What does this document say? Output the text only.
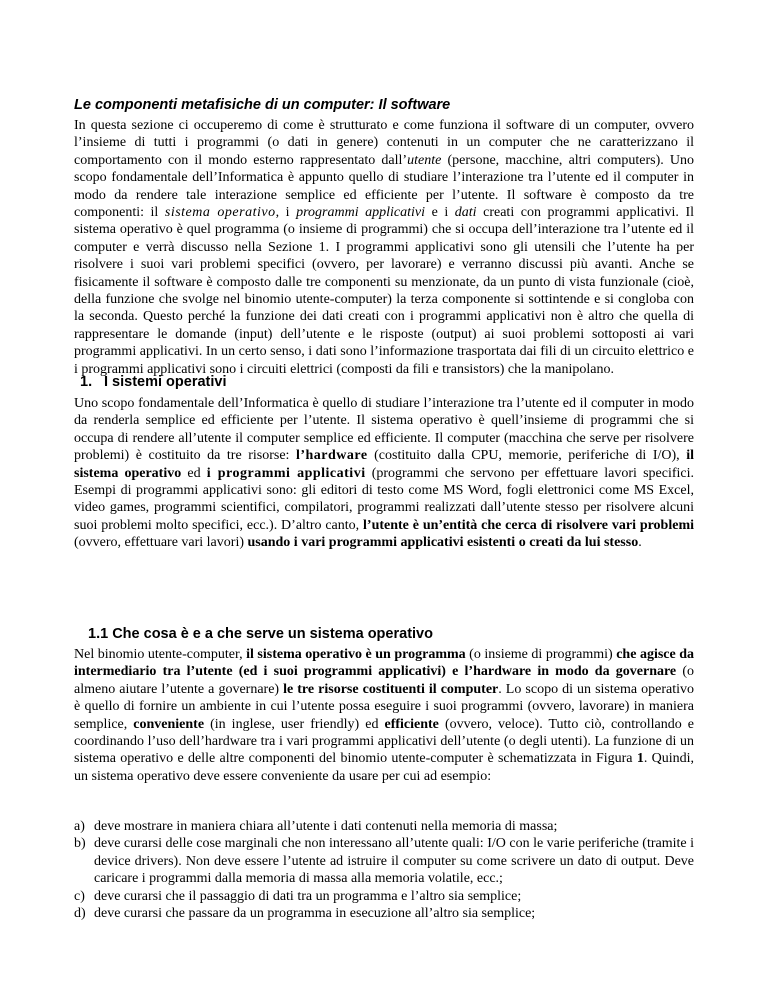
Le componenti metafisiche di un computer: Il software

In questa sezione ci occuperemo di come è strutturato e come funziona il software di un computer, ovvero l’insieme di tutti i programmi (o dati in genere) contenuti in un computer che ne caratterizzano il comportamento con il mondo esterno rappresentato dall’utente (persone, macchine, altri computers). Uno scopo fondamentale dell’Informatica è appunto quello di studiare l’interazione tra l’utente ed il computer in modo da rendere tale interazione semplice ed efficiente per l’utente. Il software è composto da tre componenti: il sistema operativo, i programmi applicativi e i dati creati con programmi applicativi. Il sistema operativo è quel programma (o insieme di programmi) che si occupa dell’interazione tra l’utente ed il computer e verrà discusso nella Sezione 1. I programmi applicativi sono gli utensili che l’utente ha per risolvere i suoi vari problemi specifici (ovvero, per lavorare) e verranno discussi più avanti. Anche se fisicamente il software è composto dalle tre componenti su menzionate, da un punto di vista funzionale (cioè, della funzione che svolge nel binomio utente-computer) la terza componente si sottintende e si congloba con la seconda. Questo perché la funzione dei dati creati con i programmi applicativi non è altro che quella di rappresentare le domande (input) dell’utente e le risposte (output) ai suoi problemi sottoposti ai vari programmi applicativi. In un certo senso, i dati sono l’informazione trasportata dai fili di un circuito elettrico e i programmi applicativi sono i circuiti elettrici (composti da fili e transistors) che la manipolano.

1. I sistemi operativi

Uno scopo fondamentale dell’Informatica è quello di studiare l’interazione tra l’utente ed il computer in modo da renderla semplice ed efficiente per l’utente. Il sistema operativo è quell’insieme di programmi che si occupa di rendere all’utente il computer semplice ed efficiente. Il computer (macchina che serve per risolvere problemi) è costituito da tre risorse: l’hardware (costituito dalla CPU, memorie, periferiche di I/O), il sistema operativo ed i programmi applicativi (programmi che servono per effettuare lavori specifici. Esempi di programmi applicativi sono: gli editori di testo come MS Word, fogli elettronici come MS Excel, video games, programmi scientifici, compilatori, programmi realizzati dall’utente stesso per risolvere alcuni suoi problemi molto specifici, ecc.). D’altro canto, l’utente è un’entità che cerca di risolvere vari problemi (ovvero, effettuare vari lavori) usando i vari programmi applicativi esistenti o creati da lui stesso.

1.1 Che cosa è e a che serve un sistema operativo

Nel binomio utente-computer, il sistema operativo è un programma (o insieme di programmi) che agisce da intermediario tra l’utente (ed i suoi programmi applicativi) e l’hardware in modo da governare (o almeno aiutare l’utente a governare) le tre risorse costituenti il computer. Lo scopo di un sistema operativo è quello di fornire un ambiente in cui l’utente possa eseguire i suoi programmi (ovvero, lavorare) in maniera semplice, conveniente (in inglese, user friendly) ed efficiente (ovvero, veloce). Tutto ciò, controllando e coordinando l’uso dell’hardware tra i vari programmi applicativi dell’utente (o degli utenti). La funzione di un sistema operativo e delle altre componenti del binomio utente-computer è schematizzata in Figura 1. Quindi, un sistema operativo deve essere conveniente da usare per cui ad esempio:

a) deve mostrare in maniera chiara all’utente i dati contenuti nella memoria di massa;
b) deve curarsi delle cose marginali che non interessano all’utente quali: I/O con le varie periferiche (tramite i device drivers). Non deve essere l’utente ad istruire il computer su come scrivere un dato di output. Deve caricare i programmi dalla memoria di massa alla memoria volatile, ecc.;
c) deve curarsi che il passaggio di dati tra un programma e l’altro sia semplice;
d) deve curarsi che passare da un programma in esecuzione all’altro sia semplice;
